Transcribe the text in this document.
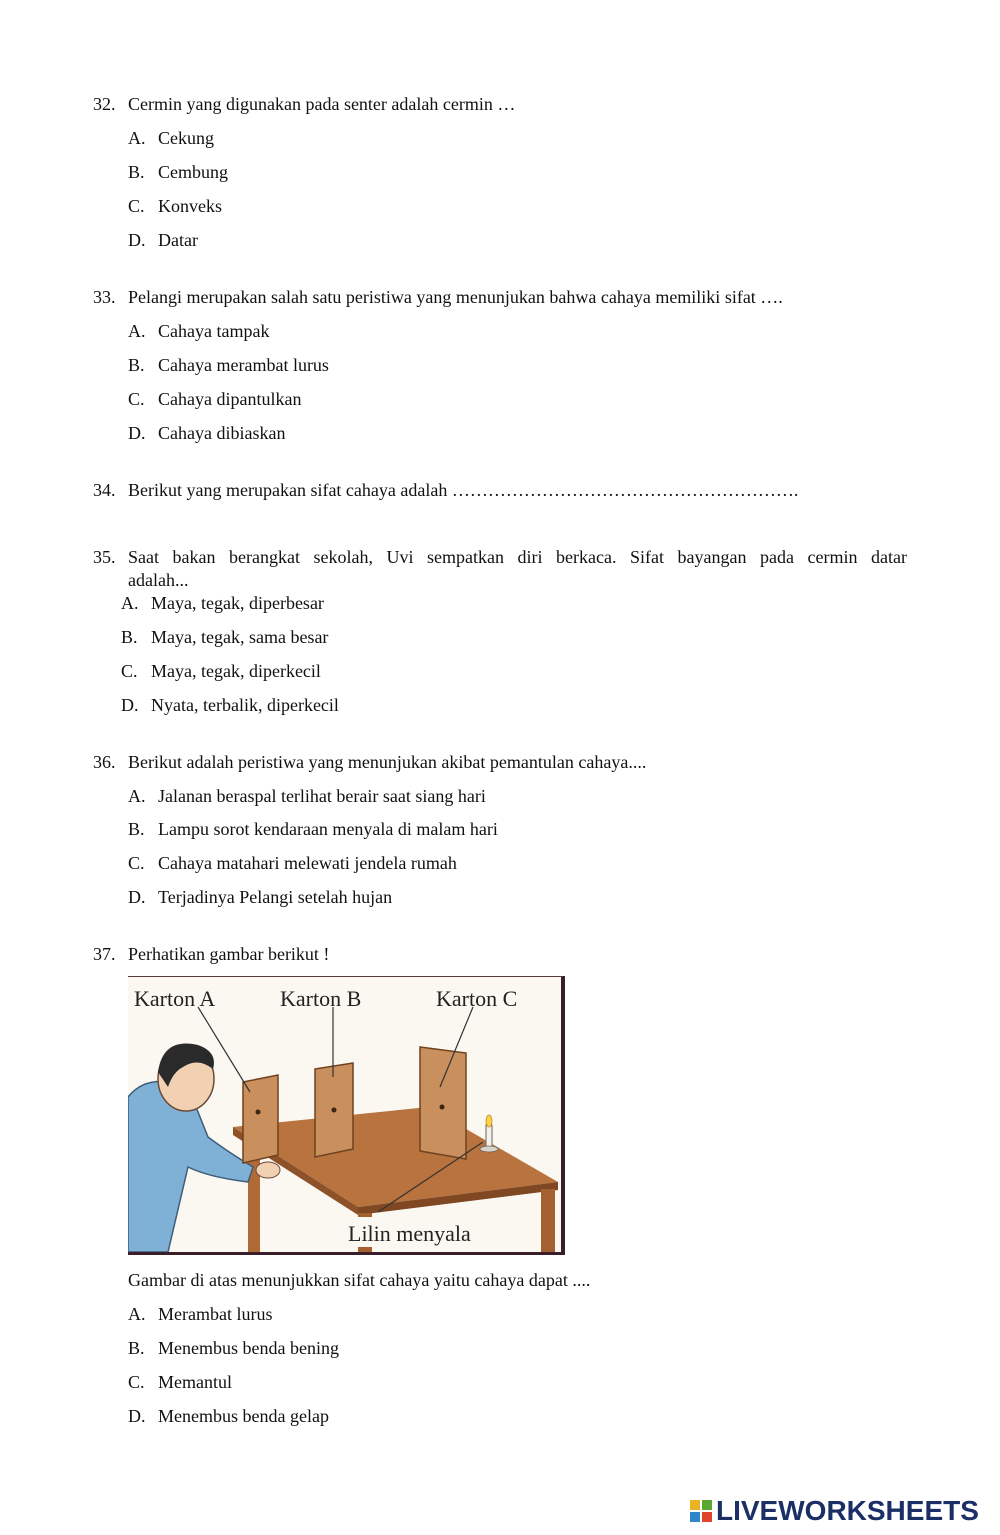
32. Cermin yang digunakan pada senter adalah cermin …
A. Cekung
B. Cembung
C. Konveks
D. Datar
33. Pelangi merupakan salah satu peristiwa yang menunjukan bahwa cahaya memiliki sifat ….
A. Cahaya tampak
B. Cahaya merambat lurus
C. Cahaya dipantulkan
D. Cahaya dibiaskan
34. Berikut yang merupakan sifat cahaya adalah ………………………………………………….
35. Saat bakan berangkat sekolah, Uvi sempatkan diri berkaca. Sifat bayangan pada cermin datar
adalah...
A. Maya, tegak, diperbesar
B. Maya, tegak, sama besar
C. Maya, tegak, diperkecil
D. Nyata, terbalik, diperkecil
36. Berikut adalah peristiwa yang menunjukan akibat pemantulan cahaya....
A. Jalanan beraspal terlihat berair saat siang hari
B. Lampu sorot kendaraan menyala di malam hari
C. Cahaya matahari melewati jendela rumah
D. Terjadinya Pelangi setelah hujan
37. Perhatikan gambar berikut !
Karton A	Karton B	Karton C
Lilin menyala
Gambar di atas menunjukkan sifat cahaya yaitu cahaya dapat ....
A. Merambat lurus
B. Menembus benda bening
C. Memantul
D. Menembus benda gelap
LIVEWORKSHEETS
